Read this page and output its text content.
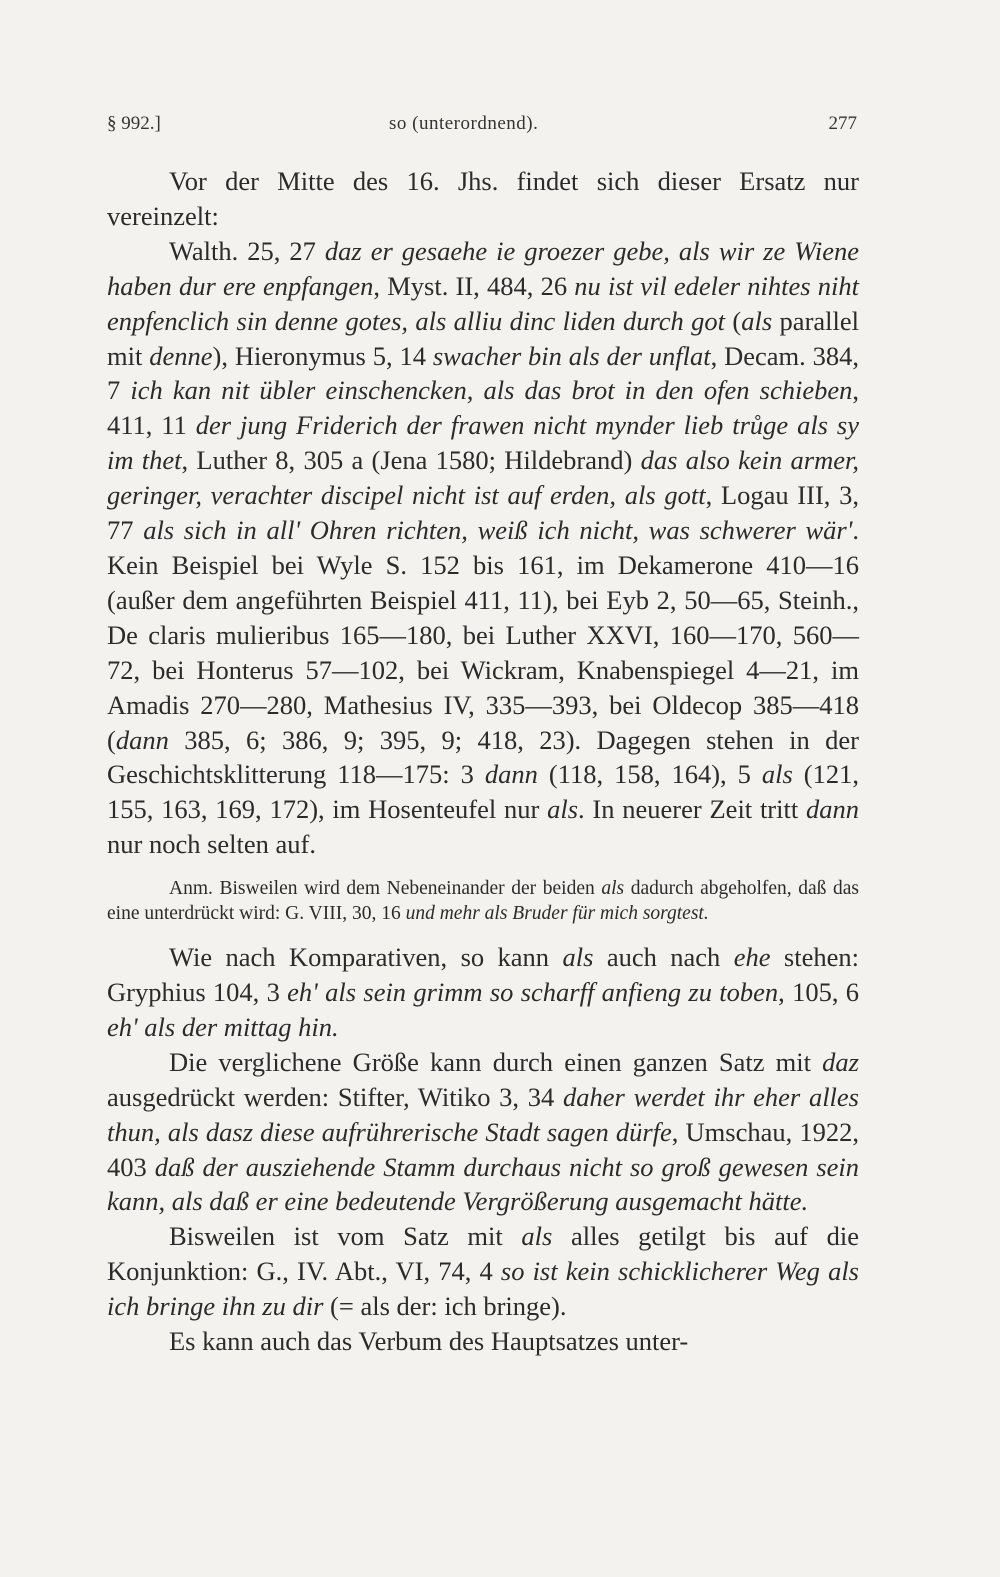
§ 992.]	so (unterordnend).	277

Vor der Mitte des 16. Jhs. findet sich dieser Ersatz nur vereinzelt:

Walth. 25, 27 daz er gesaehe ie groezer gebe, als wir ze Wiene haben dur ere enpfangen, Myst. II, 484, 26 nu ist vil edeler nihtes niht enpfenclich sin denne gotes, als alliu dinc liden durch got (als parallel mit denne), Hieronymus 5, 14 swacher bin als der unflat, Decam. 384, 7 ich kan nit übler einschencken, als das brot in den ofen schieben, 411, 11 der jung Friderich der frawen nicht mynder lieb trůge als sy im thet, Luther 8, 305 a (Jena 1580; Hildebrand) das also kein armer, geringer, verachter discipel nicht ist auf erden, als gott, Logau III, 3, 77 als sich in all' Ohren richten, weiß ich nicht, was schwerer wär'. Kein Beispiel bei Wyle S. 152 bis 161, im Dekamerone 410—16 (außer dem angeführten Beispiel 411, 11), bei Eyb 2, 50—65, Steinh., De claris mulieribus 165—180, bei Luther XXVI, 160—170, 560—72, bei Honterus 57—102, bei Wickram, Knabenspiegel 4—21, im Amadis 270—280, Mathesius IV, 335—393, bei Oldecop 385—418 (dann 385, 6; 386, 9; 395, 9; 418, 23). Dagegen stehen in der Geschichtsklitterung 118—175: 3 dann (118, 158, 164), 5 als (121, 155, 163, 169, 172), im Hosenteufel nur als. In neuerer Zeit tritt dann nur noch selten auf.

Anm. Bisweilen wird dem Nebeneinander der beiden als dadurch abgeholfen, daß das eine unterdrückt wird: G. VIII, 30, 16 und mehr als Bruder für mich sorgtest.

Wie nach Komparativen, so kann als auch nach ehe stehen: Gryphius 104, 3 eh' als sein grimm so scharff anfieng zu toben, 105, 6 eh' als der mittag hin.

Die verglichene Größe kann durch einen ganzen Satz mit daz ausgedrückt werden: Stifter, Witiko 3, 34 daher werdet ihr eher alles thun, als dasz diese aufrührerische Stadt sagen dürfe, Umschau, 1922, 403 daß der ausziehende Stamm durchaus nicht so groß gewesen sein kann, als daß er eine bedeutende Vergrößerung ausgemacht hätte.

Bisweilen ist vom Satz mit als alles getilgt bis auf die Konjunktion: G., IV. Abt., VI, 74, 4 so ist kein schicklicherer Weg als ich bringe ihn zu dir (= als der: ich bringe).

Es kann auch das Verbum des Hauptsatzes unter-
